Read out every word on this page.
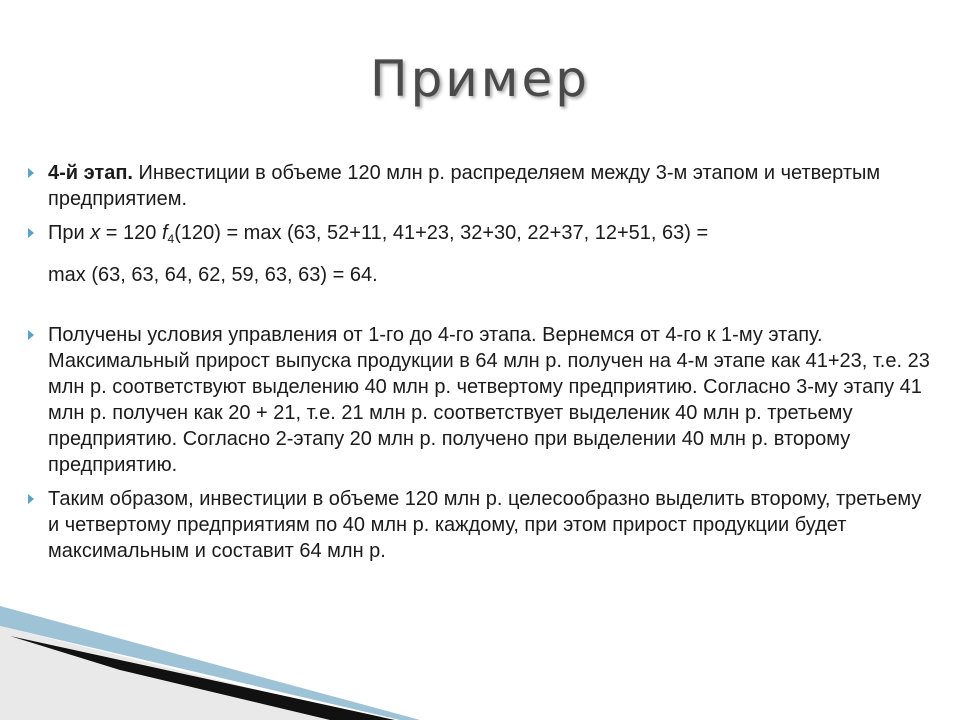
Пример
4-й этап. Инвестиции в объеме 120 млн р. распределяем между 3-м этапом и четвертым предприятием.
При x = 120 $f_4(120) = \max (63$, 52+11, 41+23, 32+30, 22+37, 12+51, 63) =
max (63, 63, 64, 62, 59, 63, 63) = 64.
Получены условия управления от 1-го до 4-го этапа. Вернемся от 4-го к 1-му этапу. Максимальный прирост выпуска продукции в 64 млн р. получен на 4-м этапе как 41+23, т.е. 23 млн р. соответствуют выделению 40 млн р. четвертому предприятию. Согласно 3-му этапу 41 млн р. получен как 20 + 21, т.е. 21 млн р. соответствует выделеник 40 млн р. третьему предприятию. Согласно 2-этапу 20 млн р. получено при выделении 40 млн р. второму предприятию.
Таким образом, инвестиции в объеме 120 млн р. целесообразно выделить второму, третьему и четвертому предприятиям по 40 млн р. каждому, при этом прирост продукции будет максимальным и составит 64 млн р.
